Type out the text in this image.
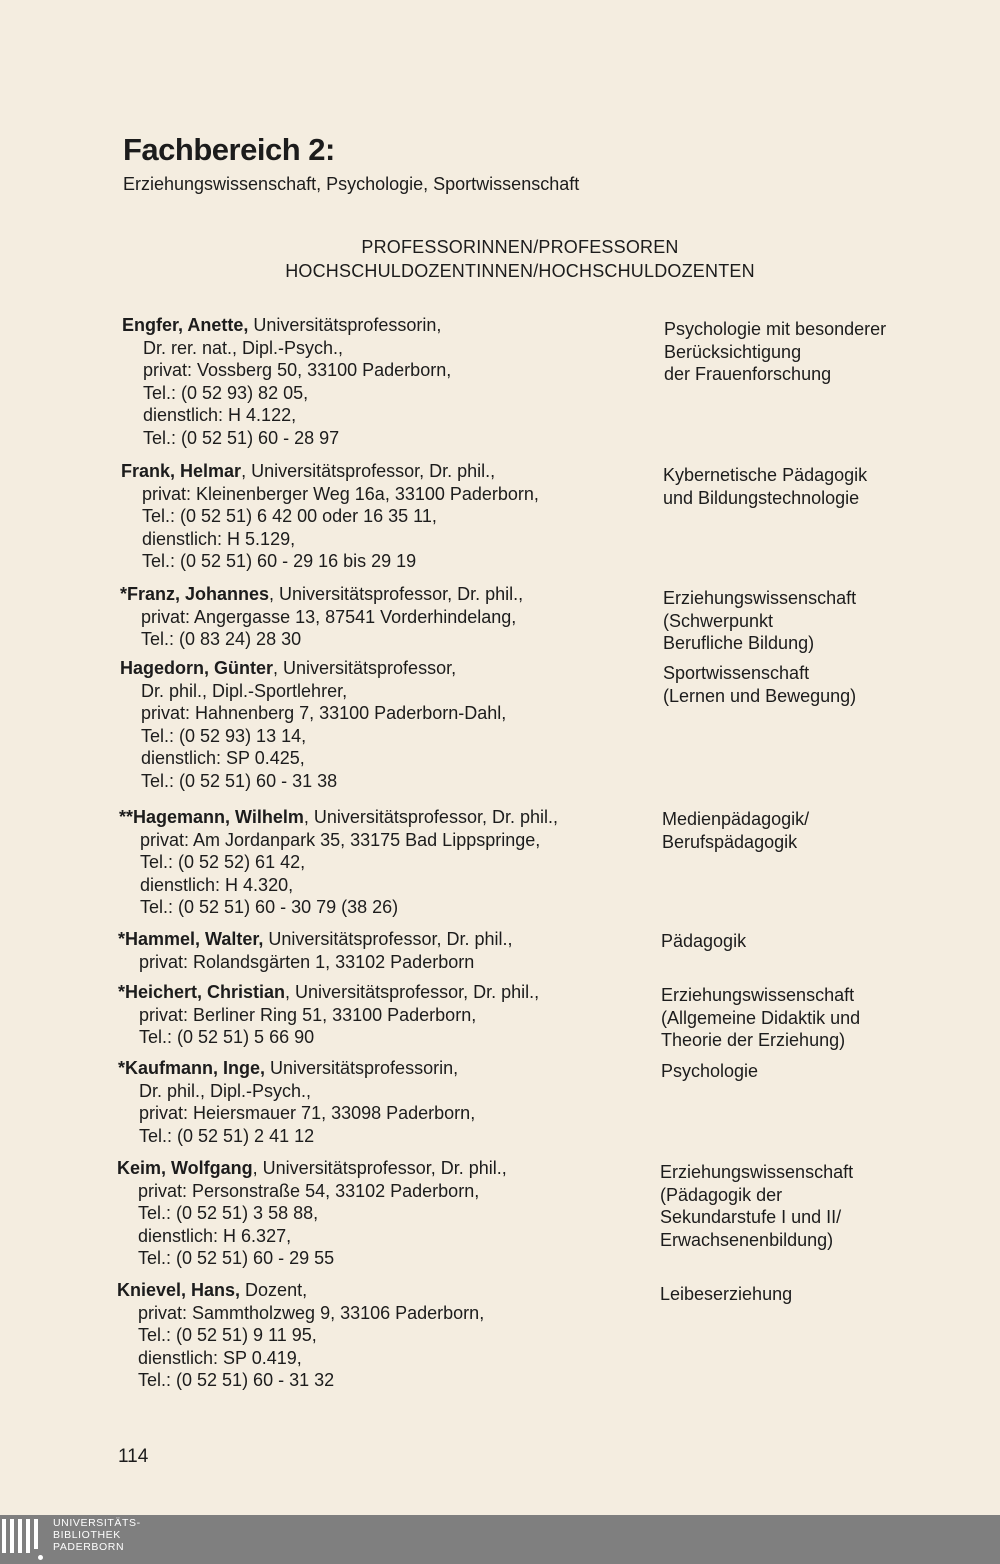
Fachbereich 2:
Erziehungswissenschaft, Psychologie, Sportwissenschaft
PROFESSORINNEN/PROFESSOREN
HOCHSCHULDOZENTINNEN/HOCHSCHULDOZENTEN
Engfer, Anette, Universitätsprofessorin,
Dr. rer. nat., Dipl.-Psych.,
privat: Vossberg 50, 33100 Paderborn,
Tel.: (0 52 93) 82 05,
dienstlich: H 4.122,
Tel.: (0 52 51) 60 - 28 97
Psychologie mit besonderer
Berücksichtigung
der Frauenforschung
Frank, Helmar, Universitätsprofessor, Dr. phil.,
privat: Kleinenberger Weg 16a, 33100 Paderborn,
Tel.: (0 52 51) 6 42 00 oder 16 35 11,
dienstlich: H 5.129,
Tel.: (0 52 51) 60 - 29 16 bis 29 19
Kybernetische Pädagogik
und Bildungstechnologie
*Franz, Johannes, Universitätsprofessor, Dr. phil.,
privat: Angergasse 13, 87541 Vorderhindelang,
Tel.: (0 83 24) 28 30
Erziehungswissenschaft
(Schwerpunkt
Berufliche Bildung)
Hagedorn, Günter, Universitätsprofessor,
Dr. phil., Dipl.-Sportlehrer,
privat: Hahnenberg 7, 33100 Paderborn-Dahl,
Tel.: (0 52 93) 13 14,
dienstlich: SP 0.425,
Tel.: (0 52 51) 60 - 31 38
Sportwissenschaft
(Lernen und Bewegung)
**Hagemann, Wilhelm, Universitätsprofessor, Dr. phil.,
privat: Am Jordanpark 35, 33175 Bad Lippspringe,
Tel.: (0 52 52) 61 42,
dienstlich: H 4.320,
Tel.: (0 52 51) 60 - 30 79 (38 26)
Medienpädagogik/
Berufspädagogik
*Hammel, Walter, Universitätsprofessor, Dr. phil.,
privat: Rolandsgärten 1, 33102 Paderborn
Pädagogik
*Heichert, Christian, Universitätsprofessor, Dr. phil.,
privat: Berliner Ring 51, 33100 Paderborn,
Tel.: (0 52 51) 5 66 90
Erziehungswissenschaft
(Allgemeine Didaktik und
Theorie der Erziehung)
*Kaufmann, Inge, Universitätsprofessorin,
Dr. phil., Dipl.-Psych.,
privat: Heiersmauer 71, 33098 Paderborn,
Tel.: (0 52 51) 2 41 12
Psychologie
Keim, Wolfgang, Universitätsprofessor, Dr. phil.,
privat: Personstraße 54, 33102 Paderborn,
Tel.: (0 52 51) 3 58 88,
dienstlich: H 6.327,
Tel.: (0 52 51) 60 - 29 55
Erziehungswissenschaft
(Pädagogik der
Sekundarstufe I und II/
Erwachsenenbildung)
Knievel, Hans, Dozent,
privat: Sammtholzweg 9, 33106 Paderborn,
Tel.: (0 52 51) 9 11 95,
dienstlich: SP 0.419,
Tel.: (0 52 51) 60 - 31 32
Leibeserziehung
114
UNIVERSITÄTS-
BIBLIOTHEK
PADERBORN
